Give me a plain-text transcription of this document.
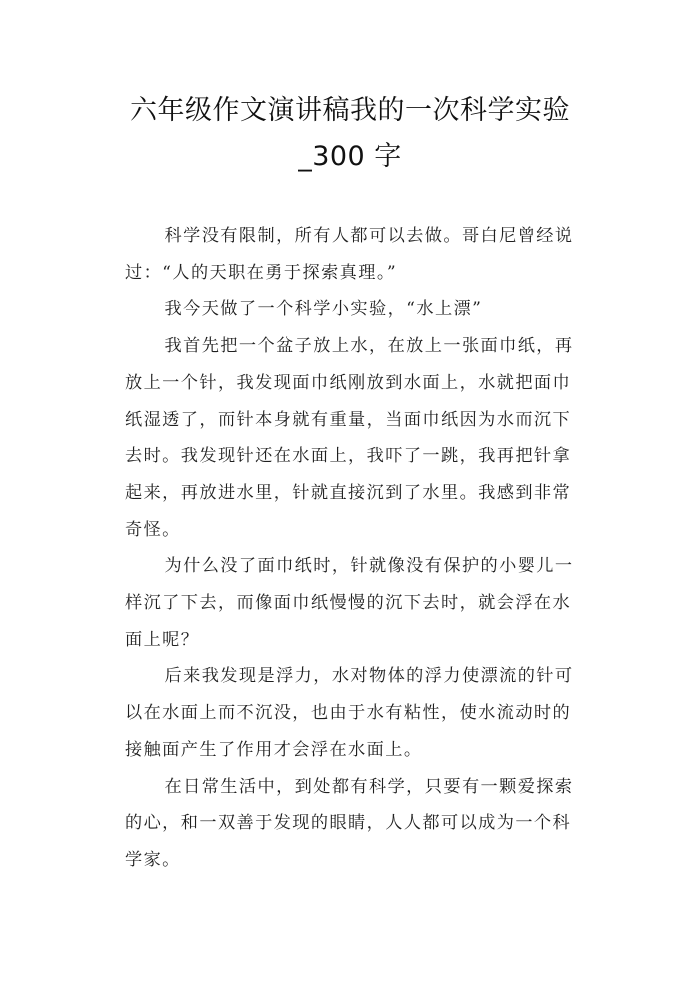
六年级作文演讲稿我的一次科学实验
_300 字

科学没有限制，所有人都可以去做。哥白尼曾经说过：“人的天职在勇于探索真理。”

我今天做了一个科学小实验，“水上漂”

我首先把一个盆子放上水，在放上一张面巾纸，再放上一个针，我发现面巾纸刚放到水面上，水就把面巾纸湿透了，而针本身就有重量，当面巾纸因为水而沉下去时。我发现针还在水面上，我吓了一跳，我再把针拿起来，再放进水里，针就直接沉到了水里。我感到非常奇怪。

为什么没了面巾纸时，针就像没有保护的小婴儿一样沉了下去，而像面巾纸慢慢的沉下去时，就会浮在水面上呢？

后来我发现是浮力，水对物体的浮力使漂流的针可以在水面上而不沉没，也由于水有粘性，使水流动时的接触面产生了作用才会浮在水面上。

在日常生活中，到处都有科学，只要有一颗爱探索的心，和一双善于发现的眼睛，人人都可以成为一个科学家。
